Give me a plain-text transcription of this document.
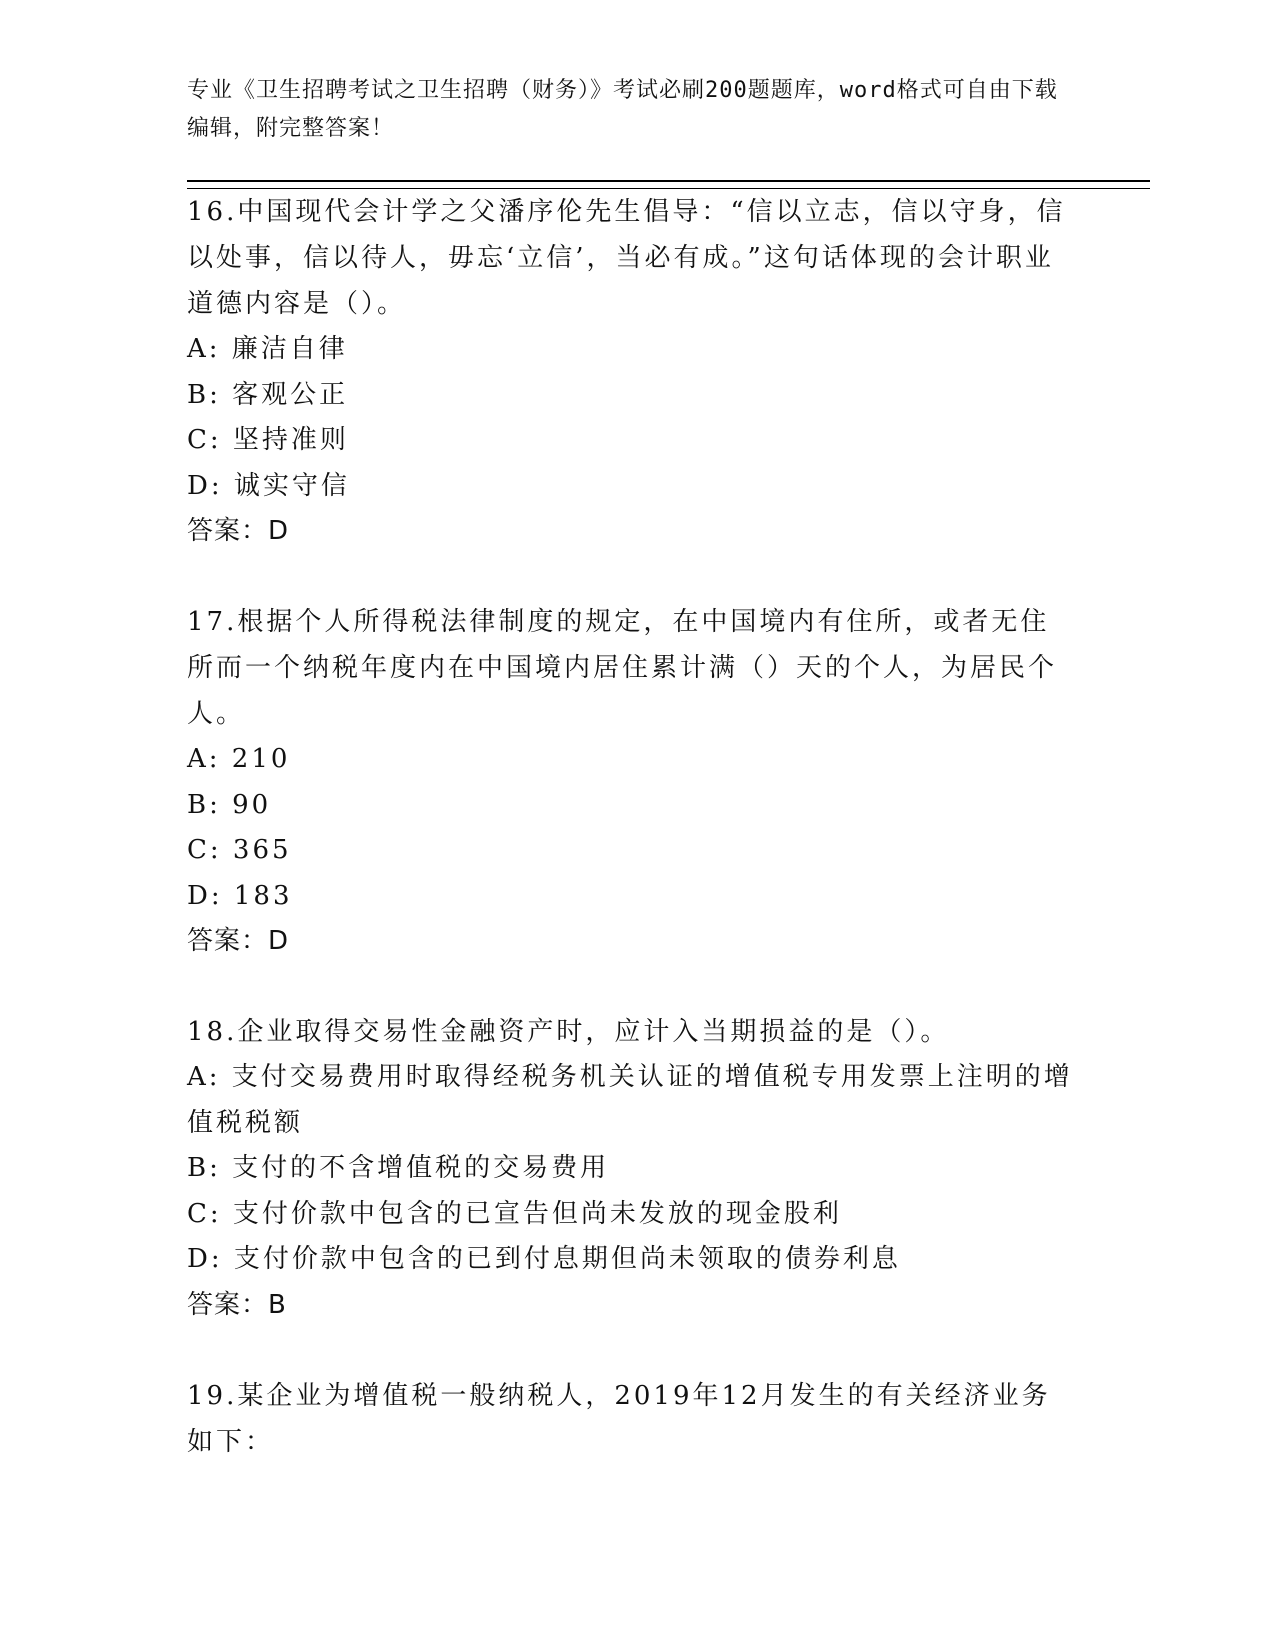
专业《卫生招聘考试之卫生招聘（财务）》考试必刷200题题库，word格式可自由下载编辑，附完整答案！
16.中国现代会计学之父潘序伦先生倡导：“信以立志，信以守身，信以处事，信以待人，毋忘‘立信’，当必有成。”这句话体现的会计职业道德内容是（）。
A: 廉洁自律
B: 客观公正
C: 坚持准则
D: 诚实守信
答案：D
17.根据个人所得税法律制度的规定，在中国境内有住所，或者无住所而一个纳税年度内在中国境内居住累计满（）天的个人，为居民个人。
A: 210
B: 90
C: 365
D: 183
答案：D
18.企业取得交易性金融资产时，应计入当期损益的是（）。
A: 支付交易费用时取得经税务机关认证的增值税专用发票上注明的增值税税额
B: 支付的不含增值税的交易费用
C: 支付价款中包含的已宣告但尚未发放的现金股利
D: 支付价款中包含的已到付息期但尚未领取的债券利息
答案：B
19.某企业为增值税一般纳税人，2019年12月发生的有关经济业务如下：
